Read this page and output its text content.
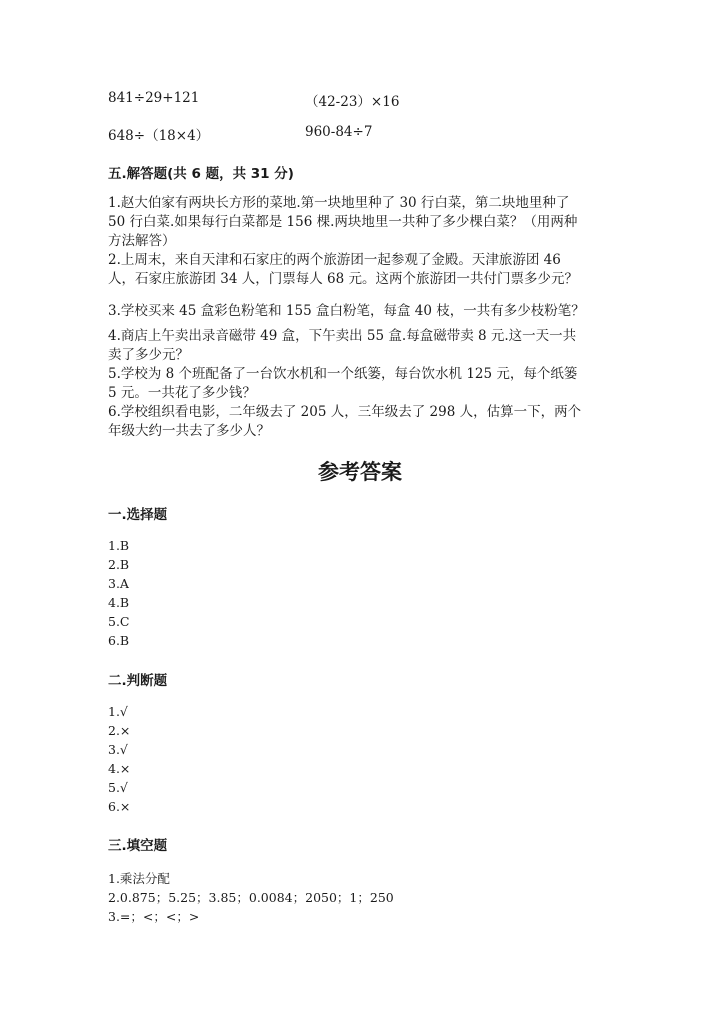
841÷29+121	（42-23）×16
648÷（18×4）	960-84÷7
五.解答题(共 6 题，共 31 分)
1.赵大伯家有两块长方形的菜地.第一块地里种了 30 行白菜，第二块地里种了
50 行白菜.如果每行白菜都是 156 棵.两块地里一共种了多少棵白菜？（用两种
方法解答）
2.上周末，来自天津和石家庄的两个旅游团一起参观了金殿。天津旅游团 46
人，石家庄旅游团 34 人，门票每人 68 元。这两个旅游团一共付门票多少元？
3.学校买来 45 盒彩色粉笔和 155 盒白粉笔，每盒 40 枝，一共有多少枝粉笔？
4.商店上午卖出录音磁带 49 盒，下午卖出 55 盒.每盒磁带卖 8 元.这一天一共
卖了多少元？
5.学校为 8 个班配备了一台饮水机和一个纸篓，每台饮水机 125 元，每个纸篓
5 元。一共花了多少钱？
6.学校组织看电影，二年级去了 205 人，三年级去了 298 人，估算一下，两个
年级大约一共去了多少人？
参考答案
一.选择题
1.B
2.B
3.A
4.B
5.C
6.B
二.判断题
1.√
2.×
3.√
4.×
5.√
6.×
三.填空题
1.乘法分配
2.0.875；5.25；3.85；0.0084；2050；1；250
3.=；<；<；>
